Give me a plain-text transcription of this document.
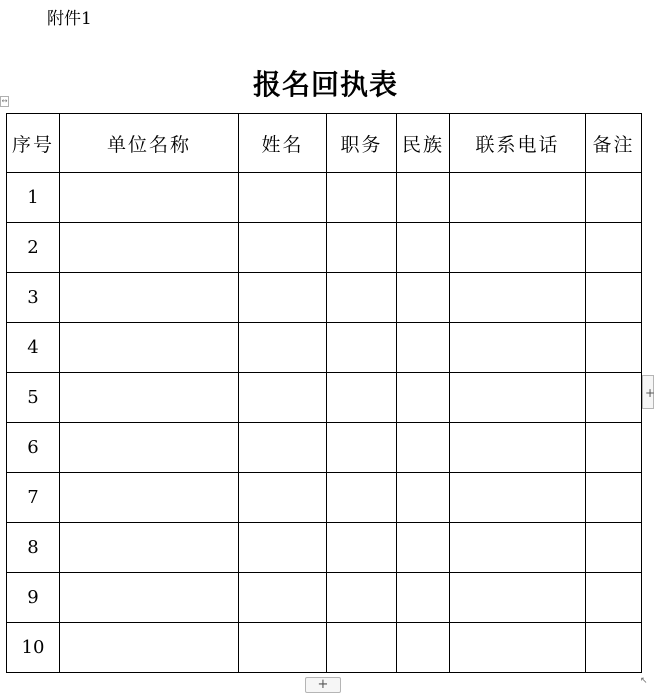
↔
附件1
报名回执表
序号	单位名称	姓名	职务	民族	联系电话	备注
1						
2						
3						
4						
5						
6						
7						
8						
9						
10						
+
+	↖
